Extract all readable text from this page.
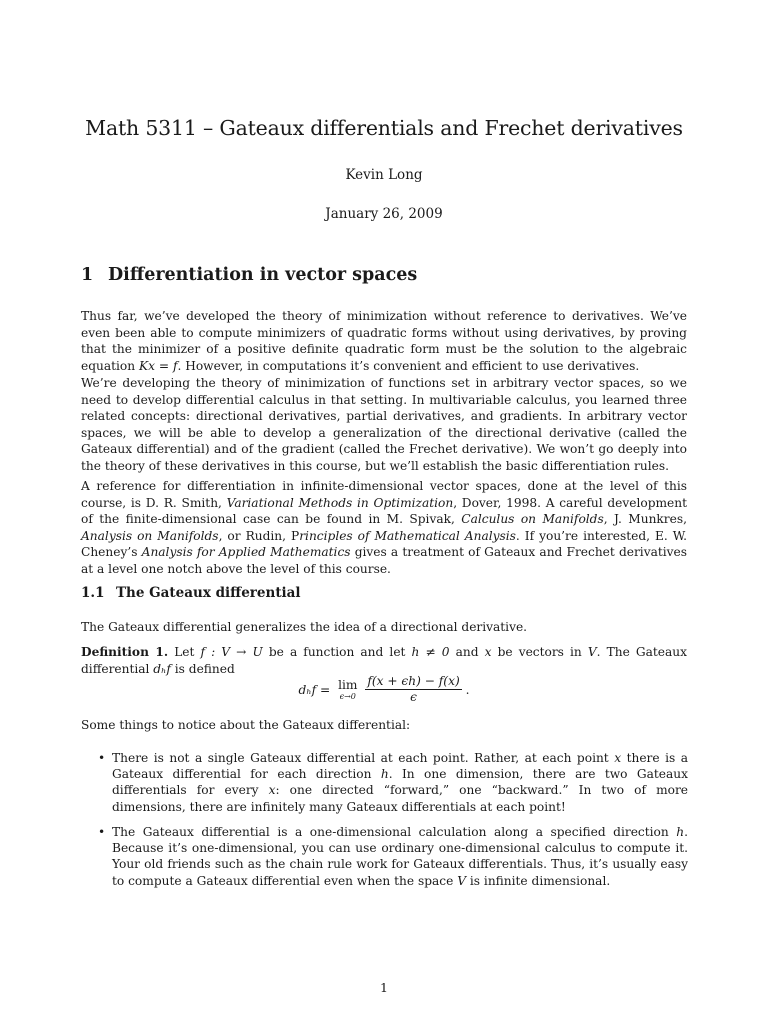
Math 5311 – Gateaux differentials and Frechet derivatives
Kevin Long
January 26, 2009
1 Differentiation in vector spaces

Thus far, we’ve developed the theory of minimization without reference to derivatives. We’ve even been able to compute minimizers of quadratic forms without using derivatives, by proving that the minimizer of a positive definite quadratic form must be the solution to the algebraic equation Kx = f. However, in computations it’s convenient and efficient to use derivatives.

We’re developing the theory of minimization of functions set in arbitrary vector spaces, so we need to develop differential calculus in that setting. In multivariable calculus, you learned three related concepts: directional derivatives, partial derivatives, and gradients. In arbitrary vector spaces, we will be able to develop a generalization of the directional derivative (called the Gateaux differential) and of the gradient (called the Frechet derivative). We won’t go deeply into the theory of these derivatives in this course, but we’ll establish the basic differentiation rules.

A reference for differentiation in infinite-dimensional vector spaces, done at the level of this course, is D. R. Smith, Variational Methods in Optimization, Dover, 1998. A careful development of the finite-dimensional case can be found in M. Spivak, Calculus on Manifolds, J. Munkres, Analysis on Manifolds, or Rudin, Principles of Mathematical Analysis. If you’re interested, E. W. Cheney’s Analysis for Applied Mathematics gives a treatment of Gateaux and Frechet derivatives at a level one notch above the level of this course.

1.1 The Gateaux differential

The Gateaux differential generalizes the idea of a directional derivative.

Definition 1. Let f : V → U be a function and let h ≠ 0 and x be vectors in V. The Gateaux differential dₕf is defined

dₕf = lim
ϵ→0
$\frac{f(x + \epsilon h) - f(x)}{\epsilon}$ .

Some things to notice about the Gateaux differential:

• There is not a single Gateaux differential at each point. Rather, at each point x there is a Gateaux differential for each direction h. In one dimension, there are two Gateaux differentials for every x: one directed “forward,” one “backward.” In two of more dimensions, there are infinitely many Gateaux differentials at each point!
• The Gateaux differential is a one-dimensional calculation along a specified direction h. Because it’s one-dimensional, you can use ordinary one-dimensional calculus to compute it. Your old friends such as the chain rule work for Gateaux differentials. Thus, it’s usually easy to compute a Gateaux differential even when the space V is infinite dimensional.
1
